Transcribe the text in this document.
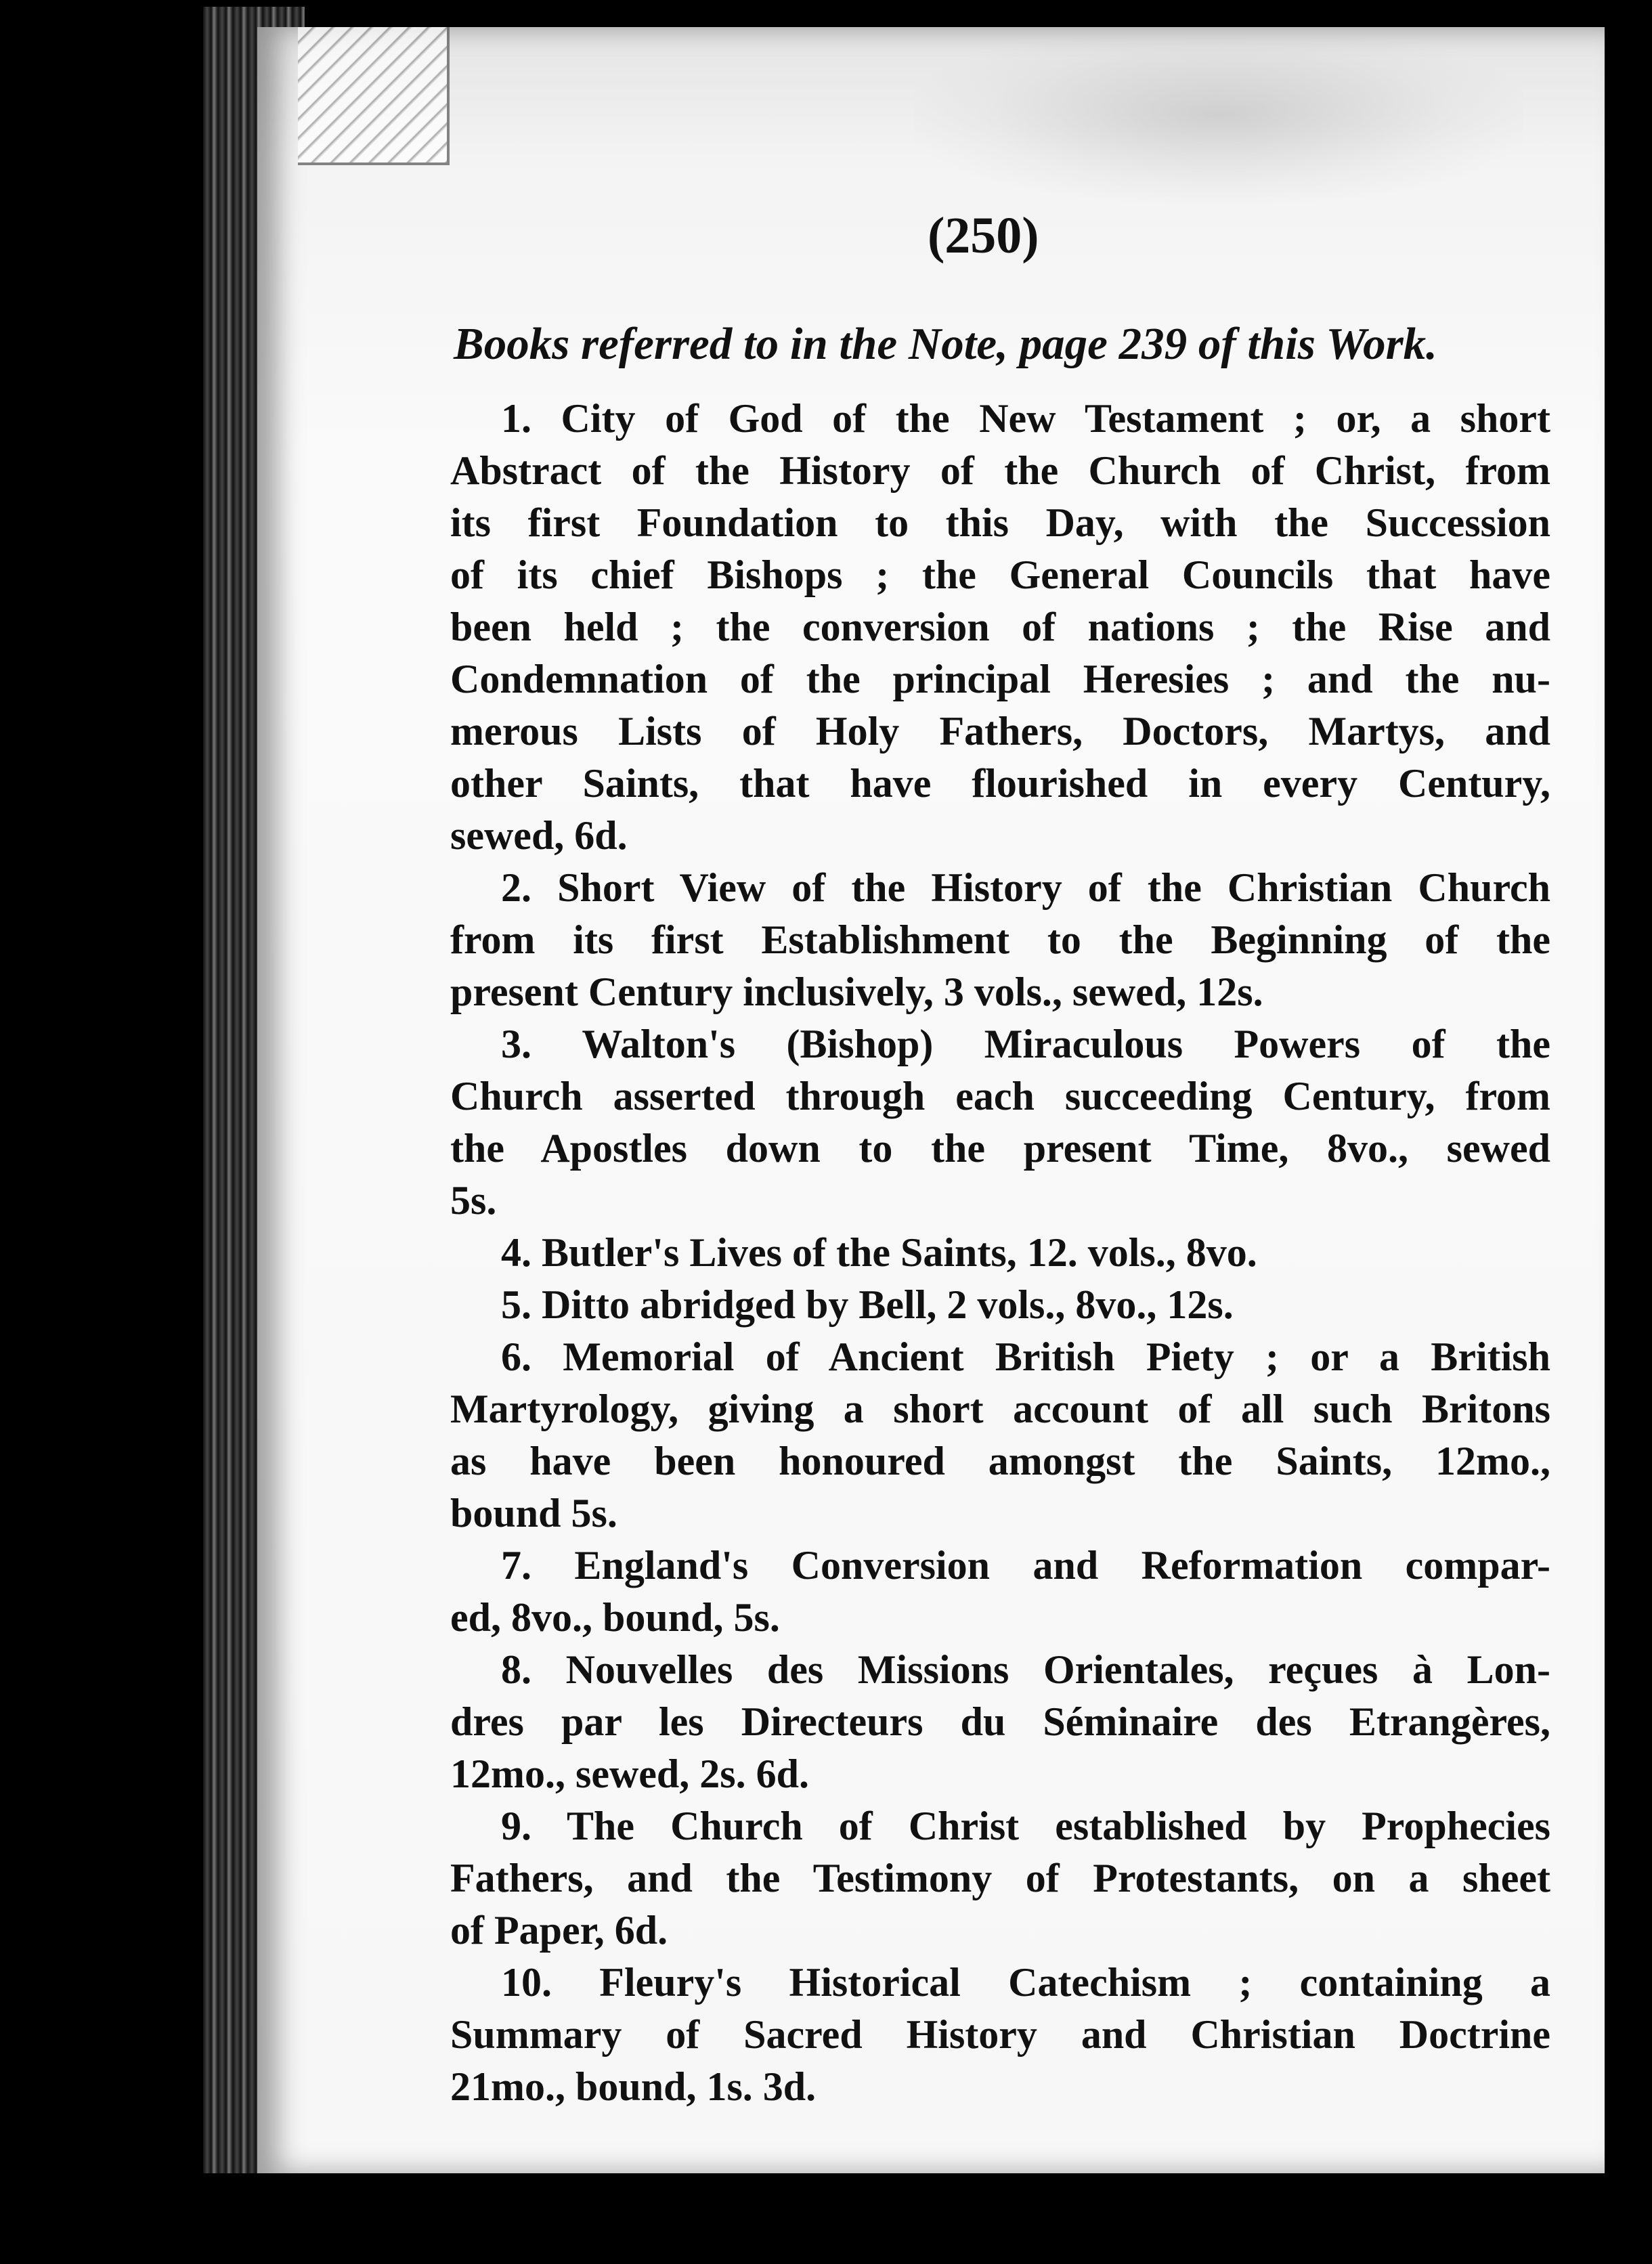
(250)
Books referred to in the Note, page 239 of this Work.
1. City of God of the New Testament ; or, a short
Abstract of the History of the Church of Christ, from
its first Foundation to this Day, with the Succession
of its chief Bishops ; the General Councils that have
been held ; the conversion of nations ; the Rise and
Condemnation of the principal Heresies ; and the nu-
merous Lists of Holy Fathers, Doctors, Martys, and
other Saints, that have flourished in every Century,
sewed, 6d.
2. Short View of the History of the Christian Church
from its first Establishment to the Beginning of the
present Century inclusively, 3 vols., sewed, 12s.
3. Walton's (Bishop) Miraculous Powers of the
Church asserted through each succeeding Century, from
the Apostles down to the present Time, 8vo., sewed
5s.
4. Butler's Lives of the Saints, 12. vols., 8vo.
5. Ditto abridged by Bell, 2 vols., 8vo., 12s.
6. Memorial of Ancient British Piety ; or a British
Martyrology, giving a short account of all such Britons
as have been honoured amongst the Saints, 12mo.,
bound 5s.
7. England's Conversion and Reformation compar-
ed, 8vo., bound, 5s.
8. Nouvelles des Missions Orientales, reçues à Lon-
dres par les Directeurs du Séminaire des Etrangères,
12mo., sewed, 2s. 6d.
9. The Church of Christ established by Prophecies
Fathers, and the Testimony of Protestants, on a sheet
of Paper, 6d.
10. Fleury's Historical Catechism ; containing a
Summary of Sacred History and Christian Doctrine
21mo., bound, 1s. 3d.
